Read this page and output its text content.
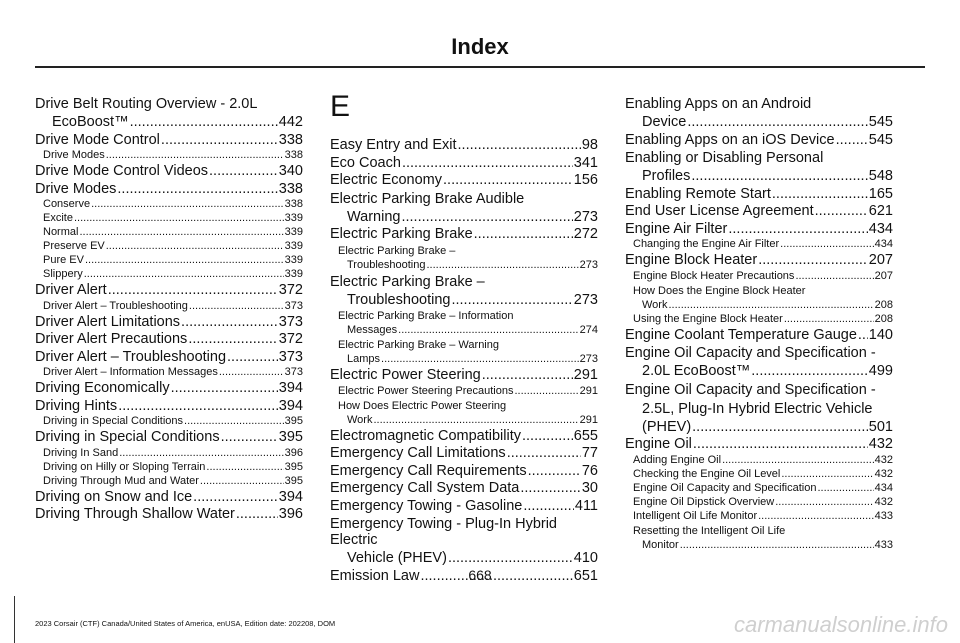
Index
Drive Belt Routing Overview - 2.0L
EcoBoost™ .....	442
Drive Mode Control .....	338
Drive Modes .....	338
Drive Mode Control Videos .....	340
Drive Modes .....	338
Conserve .....	338
Excite .....	339
Normal .....	339
Preserve EV .....	339
Pure EV .....	339
Slippery .....	339
Driver Alert .....	372
Driver Alert – Troubleshooting .....	373
Driver Alert Limitations .....	373
Driver Alert Precautions .....	372
Driver Alert – Troubleshooting .....	373
Driver Alert – Information Messages .....	373
Driving Economically .....	394
Driving Hints .....	394
Driving in Special Conditions .....	395
Driving in Special Conditions .....	395
Driving In Sand .....	396
Driving on Hilly or Sloping Terrain .....	395
Driving Through Mud and Water .....	395
Driving on Snow and Ice .....	394
Driving Through Shallow Water .....	396
E
Easy Entry and Exit .....	98
Eco Coach .....	341
Electric Economy .....	156
Electric Parking Brake Audible
Warning .....	273
Electric Parking Brake .....	272
Electric Parking Brake –
Troubleshooting .....	273
Electric Parking Brake –
Troubleshooting .....	273
Electric Parking Brake – Information
Messages .....	274
Electric Parking Brake – Warning
Lamps .....	273
Electric Power Steering .....	291
Electric Power Steering Precautions .....	291
How Does Electric Power Steering
Work .....	291
Electromagnetic Compatibility .....	655
Emergency Call Limitations .....	77
Emergency Call Requirements .....	76
Emergency Call System Data .....	30
Emergency Towing - Gasoline .....	411
Emergency Towing - Plug-In Hybrid Electric
Vehicle (PHEV) .....	410
Emission Law .....	651
Enabling Apps on an Android
Device .....	545
Enabling Apps on an iOS Device ..... 545
Enabling or Disabling Personal
Profiles .....	548
Enabling Remote Start .....	165
End User License Agreement .....	621
Engine Air Filter .....	434
Changing the Engine Air Filter .....	434
Engine Block Heater .....	207
Engine Block Heater Precautions .....	207
How Does the Engine Block Heater
Work .....	208
Using the Engine Block Heater .....	208
Engine Coolant Temperature Gauge ..... 140
Engine Oil Capacity and Specification -
2.0L EcoBoost™ .....	499
Engine Oil Capacity and Specification -
2.5L, Plug-In Hybrid Electric Vehicle
(PHEV) .....	501
Engine Oil .....	432
Adding Engine Oil .....	432
Checking the Engine Oil Level .....	432
Engine Oil Capacity and Specification .....	434
Engine Oil Dipstick Overview .....	432
Intelligent Oil Life Monitor .....	433
Resetting the Intelligent Oil Life
Monitor .....	433
668
2023 Corsair (CTF) Canada/United States of America, enUSA, Edition date: 202208, DOM	carmanualsonline.info
